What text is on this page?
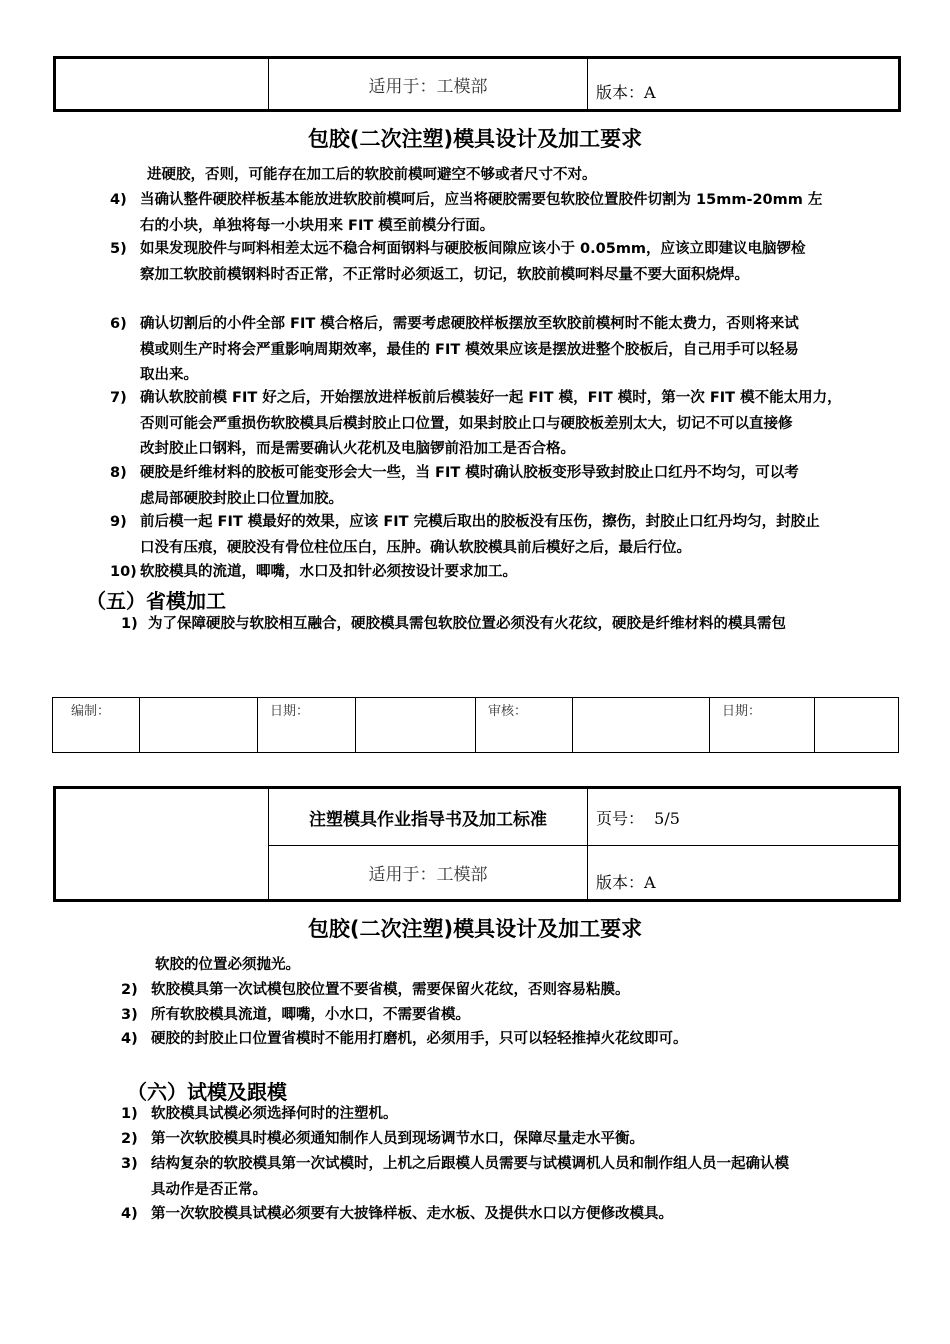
	适用于：工模部	版本：A
包胶(二次注塑)模具设计及加工要求
进硬胶，否则，可能存在加工后的软胶前模呵避空不够或者尺寸不对。
4) 当确认整件硬胶样板基本能放进软胶前模呵后，应当将硬胶需要包软胶位置胶件切割为 15mm-20mm 左
右的小块，单独将每一小块用来 FIT 模至前模分行面。
5) 如果发现胶件与呵料相差太远不稳合柯面钢料与硬胶板间隙应该小于 0.05mm，应该立即建议电脑锣检
察加工软胶前模钢料时否正常，不正常时必须返工，切记，软胶前模呵料尽量不要大面积烧焊。
6) 确认切割后的小件全部 FIT 模合格后，需要考虑硬胶样板摆放至软胶前模柯时不能太费力，否则将来试
模或则生产时将会严重影响周期效率，最佳的 FIT 模效果应该是摆放进整个胶板后，自己用手可以轻易
取出来。
7) 确认软胶前模 FIT 好之后，开始摆放进样板前后模装好一起 FIT 模，FIT 模时，第一次 FIT 模不能太用力，
否则可能会严重损伤软胶模具后模封胶止口位置，如果封胶止口与硬胶板差别太大，切记不可以直接修
改封胶止口钢料，而是需要确认火花机及电脑锣前沿加工是否合格。
8) 硬胶是纤维材料的胶板可能变形会大一些，当 FIT 模时确认胶板变形导致封胶止口红丹不均匀，可以考
虑局部硬胶封胶止口位置加胶。
9) 前后模一起 FIT 模最好的效果，应该 FIT 完模后取出的胶板没有压伤，擦伤，封胶止口红丹均匀，封胶止
口没有压痕，硬胶没有骨位柱位压白，压肿。确认软胶模具前后模好之后，最后行位。
10) 软胶模具的流道，唧嘴，水口及扣针必须按设计要求加工。
（五）省模加工
1) 为了保障硬胶与软胶相互融合，硬胶模具需包软胶位置必须没有火花纹，硬胶是纤维材料的模具需包
编制：		日期：		审核：		日期：	
	注塑模具作业指导书及加工标准	页号：  5/5
	适用于：工模部	版本：A
包胶(二次注塑)模具设计及加工要求
软胶的位置必须抛光。
2) 软胶模具第一次试模包胶位置不要省模，需要保留火花纹，否则容易粘膜。
3) 所有软胶模具流道，唧嘴，小水口，不需要省模。
4) 硬胶的封胶止口位置省模时不能用打磨机，必须用手，只可以轻轻推掉火花纹即可。
（六）试模及跟模
1) 软胶模具试模必须选择何时的注塑机。
2) 第一次软胶模具时模必须通知制作人员到现场调节水口，保障尽量走水平衡。
3) 结构复杂的软胶模具第一次试模时，上机之后跟模人员需要与试模调机人员和制作组人员一起确认模
具动作是否正常。
4) 第一次软胶模具试模必须要有大披锋样板、走水板、及提供水口以方便修改模具。
